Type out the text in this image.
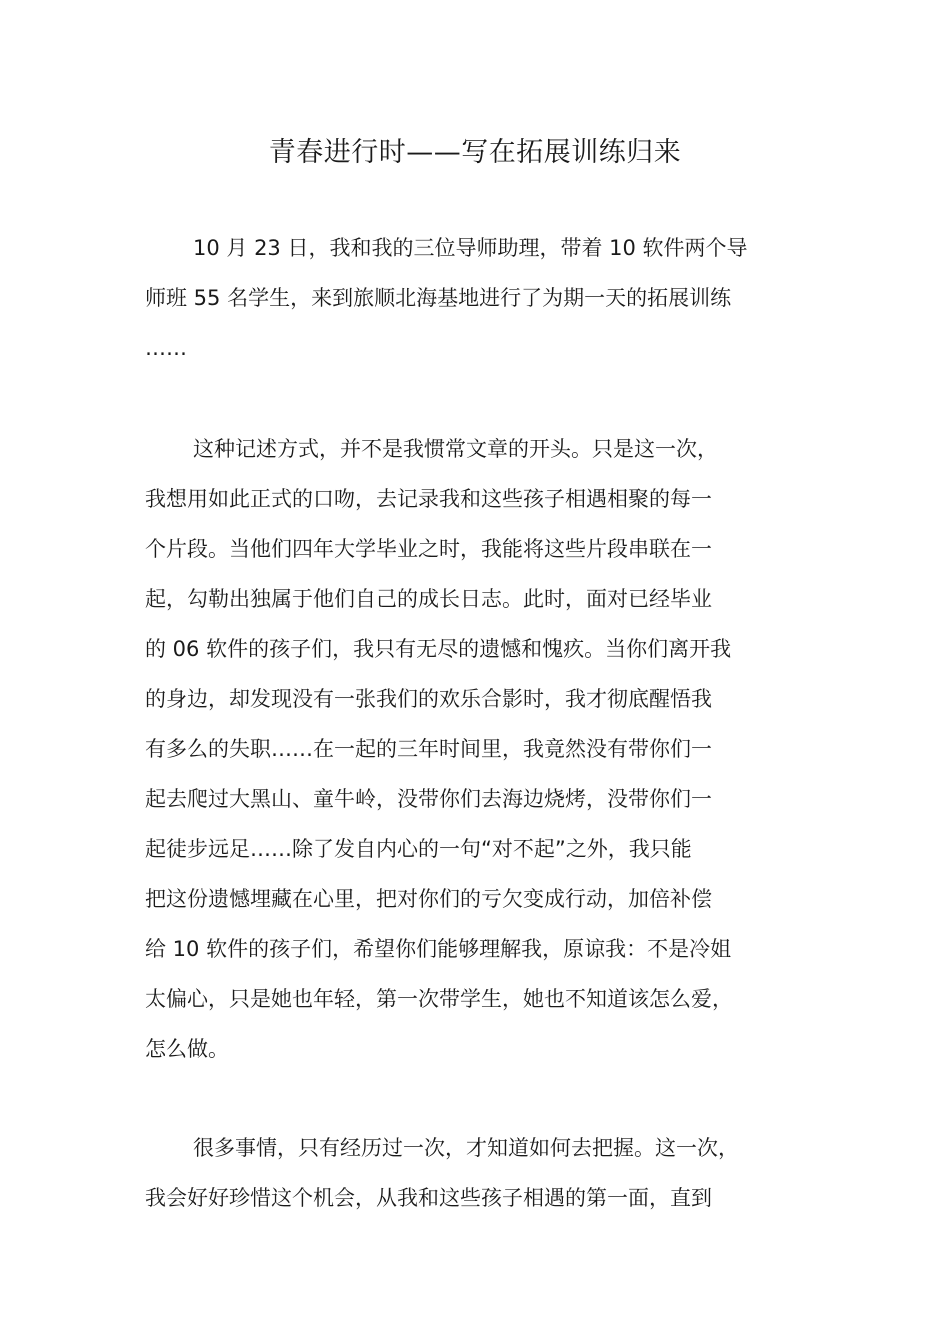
青春进行时——写在拓展训练归来
10 月 23 日，我和我的三位导师助理，带着 10 软件两个导
师班 55 名学生，来到旅顺北海基地进行了为期一天的拓展训练
……
这种记述方式，并不是我惯常文章的开头。只是这一次，
我想用如此正式的口吻，去记录我和这些孩子相遇相聚的每一
个片段。当他们四年大学毕业之时，我能将这些片段串联在一
起，勾勒出独属于他们自己的成长日志。此时，面对已经毕业
的 06 软件的孩子们，我只有无尽的遗憾和愧疚。当你们离开我
的身边，却发现没有一张我们的欢乐合影时，我才彻底醒悟我
有多么的失职……在一起的三年时间里，我竟然没有带你们一
起去爬过大黑山、童牛岭，没带你们去海边烧烤，没带你们一
起徒步远足……除了发自内心的一句“对不起”之外，我只能
把这份遗憾埋藏在心里，把对你们的亏欠变成行动，加倍补偿
给 10 软件的孩子们，希望你们能够理解我，原谅我：不是冷姐
太偏心，只是她也年轻，第一次带学生，她也不知道该怎么爱，
怎么做。
很多事情，只有经历过一次，才知道如何去把握。这一次，
我会好好珍惜这个机会，从我和这些孩子相遇的第一面，直到
